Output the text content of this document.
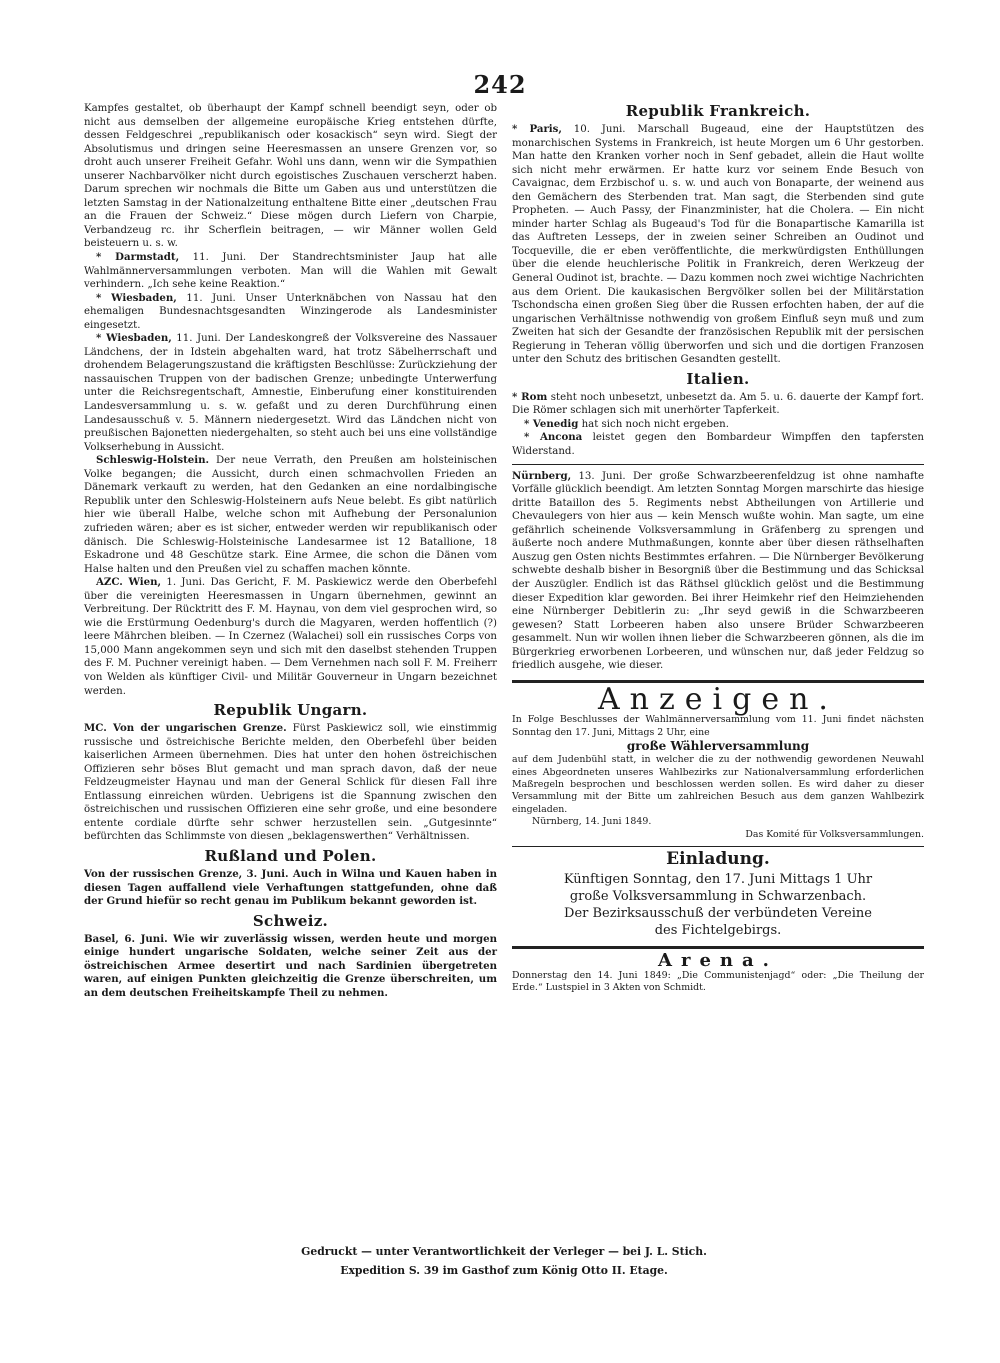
242

Kampfes gestaltet, ob überhaupt der Kampf schnell beendigt seyn, oder ob nicht aus demselben der allgemeine europäische Krieg entstehen dürfte, dessen Feldgeschrei „republikanisch oder kosackisch“ seyn wird. Siegt der Absolutismus und dringen seine Heeresmassen an unsere Grenzen vor, so droht auch unserer Freiheit Gefahr. Wohl uns dann, wenn wir die Sympathien unserer Nachbarvölker nicht durch egoistisches Zuschauen verscherzt haben. Darum sprechen wir nochmals die Bitte um Gaben aus und unterstützen die letzten Samstag in der Nationalzeitung enthaltene Bitte einer „deutschen Frau an die Frauen der Schweiz.“ Diese mögen durch Liefern von Charpie, Verbandzeug rc. ihr Scherflein beitragen, — wir Männer wollen Geld beisteuern u. s. w.

* Darmstadt, 11. Juni. Der Standrechtsminister Jaup hat alle Wahlmännerversammlungen verboten. Man will die Wahlen mit Gewalt verhindern. „Ich sehe keine Reaktion.“

* Wiesbaden, 11. Juni. Unser Unterknäbchen von Nassau hat den ehemaligen Bundesnachtsgesandten Winzingerode als Landesminister eingesetzt.

* Wiesbaden, 11. Juni. Der Landeskongreß der Volksvereine des Nassauer Ländchens, der in Idstein abgehalten ward, hat trotz Säbelherrschaft und drohendem Belagerungszustand die kräftigsten Beschlüsse: Zurückziehung der nassauischen Truppen von der badischen Grenze; unbedingte Unterwerfung unter die Reichsregentschaft, Amnestie, Einberufung einer konstituirenden Landesversammlung u. s. w. gefaßt und zu deren Durchführung einen Landesausschuß v. 5. Männern niedergesetzt. Wird das Ländchen nicht von preußischen Bajonetten niedergehalten, so steht auch bei uns eine vollständige Volkserhebung in Aussicht.

Schleswig-Holstein. Der neue Verrath, den Preußen am holsteinischen Volke begangen; die Aussicht, durch einen schmachvollen Frieden an Dänemark verkauft zu werden, hat den Gedanken an eine nordalbingische Republik unter den Schleswig-Holsteinern aufs Neue belebt. Es gibt natürlich hier wie überall Halbe, welche schon mit Aufhebung der Personalunion zufrieden wären; aber es ist sicher, entweder werden wir republikanisch oder dänisch. Die Schleswig-Holsteinische Landesarmee ist 12 Batallione, 18 Eskadrone und 48 Geschütze stark. Eine Armee, die schon die Dänen vom Halse halten und den Preußen viel zu schaffen machen könnte.

AZC. Wien, 1. Juni. Das Gericht, F. M. Paskiewicz werde den Oberbefehl über die vereinigten Heeresmassen in Ungarn übernehmen, gewinnt an Verbreitung. Der Rücktritt des F. M. Haynau, von dem viel gesprochen wird, so wie die Erstürmung Oedenburg's durch die Magyaren, werden hoffentlich (?) leere Mährchen bleiben. — In Czernez (Walachei) soll ein russisches Corps von 15,000 Mann angekommen seyn und sich mit den daselbst stehenden Truppen des F. M. Puchner vereinigt haben. — Dem Vernehmen nach soll F. M. Freiherr von Welden als künftiger Civil- und Militär Gouverneur in Ungarn bezeichnet werden.

Republik Ungarn.

MC. Von der ungarischen Grenze. Fürst Paskiewicz soll, wie einstimmig russische und östreichische Berichte melden, den Oberbefehl über beiden kaiserlichen Armeen übernehmen. Dies hat unter den hohen östreichischen Offizieren sehr böses Blut gemacht und man sprach davon, daß der neue Feldzeugmeister Haynau und man der General Schlick für diesen Fall ihre Entlassung einreichen würden. Uebrigens ist die Spannung zwischen den östreichischen und russischen Offizieren eine sehr große, und eine besondere entente cordiale dürfte sehr schwer herzustellen sein. „Gutgesinnte“ befürchten das Schlimmste von diesen „beklagenswerthen“ Verhältnissen.

Rußland und Polen.

Von der russischen Grenze, 3. Juni. Auch in Wilna und Kauen haben in diesen Tagen auffallend viele Verhaftungen stattgefunden, ohne daß der Grund hiefür so recht genau im Publikum bekannt geworden ist.

Schweiz.

Basel, 6. Juni. Wie wir zuverlässig wissen, werden heute und morgen einige hundert ungarische Soldaten, welche seiner Zeit aus der östreichischen Armee desertirt und nach Sardinien übergetreten waren, auf einigen Punkten gleichzeitig die Grenze überschreiten, um an dem deutschen Freiheitskampfe Theil zu nehmen.

Republik Frankreich.

* Paris, 10. Juni. Marschall Bugeaud, eine der Hauptstützen des monarchischen Systems in Frankreich, ist heute Morgen um 6 Uhr gestorben. Man hatte den Kranken vorher noch in Senf gebadet, allein die Haut wollte sich nicht mehr erwärmen. Er hatte kurz vor seinem Ende Besuch von Cavaignac, dem Erzbischof u. s. w. und auch von Bonaparte, der weinend aus den Gemächern des Sterbenden trat. Man sagt, die Sterbenden sind gute Propheten. — Auch Passy, der Finanzminister, hat die Cholera. — Ein nicht minder harter Schlag als Bugeaud's Tod für die Bonapartische Kamarilla ist das Auftreten Lesseps, der in zweien seiner Schreiben an Oudinot und Tocqueville, die er eben veröffentlichte, die merkwürdigsten Enthüllungen über die elende heuchlerische Politik in Frankreich, deren Werkzeug der General Oudinot ist, brachte. — Dazu kommen noch zwei wichtige Nachrichten aus dem Orient. Die kaukasischen Bergvölker sollen bei der Militärstation Tschondscha einen großen Sieg über die Russen erfochten haben, der auf die ungarischen Verhältnisse nothwendig von großem Einfluß seyn muß und zum Zweiten hat sich der Gesandte der französischen Republik mit der persischen Regierung in Teheran völlig überworfen und sich und die dortigen Franzosen unter den Schutz des britischen Gesandten gestellt.

Italien.

* Rom steht noch unbesetzt, unbesetzt da. Am 5. u. 6. dauerte der Kampf fort. Die Römer schlagen sich mit unerhörter Tapferkeit.

* Venedig hat sich noch nicht ergeben.

* Ancona leistet gegen den Bombardeur Wimpffen den tapfersten Widerstand.

Nürnberg, 13. Juni. Der große Schwarzbeerenfeldzug ist ohne namhafte Vorfälle glücklich beendigt. Am letzten Sonntag Morgen marschirte das hiesige dritte Bataillon des 5. Regiments nebst Abtheilungen von Artillerie und Chevaulegers von hier aus — kein Mensch wußte wohin. Man sagte, um eine gefährlich scheinende Volksversammlung in Gräfenberg zu sprengen und äußerte noch andere Muthmaßungen, konnte aber über diesen räthselhaften Auszug gen Osten nichts Bestimmtes erfahren. — Die Nürnberger Bevölkerung schwebte deshalb bisher in Besorgniß über die Bestimmung und das Schicksal der Auszügler. Endlich ist das Räthsel glücklich gelöst und die Bestimmung dieser Expedition klar geworden. Bei ihrer Heimkehr rief den Heimziehenden eine Nürnberger Debitlerin zu: „Ihr seyd gewiß in die Schwarzbeeren gewesen? Statt Lorbeeren haben also unsere Brüder Schwarzbeeren gesammelt. Nun wir wollen ihnen lieber die Schwarzbeeren gönnen, als die im Bürgerkrieg erworbenen Lorbeeren, und wünschen nur, daß jeder Feldzug so friedlich ausgehe, wie dieser.

Anzeigen.

In Folge Beschlusses der Wahlmännerversammlung vom 11. Juni findet nächsten Sonntag den 17. Juni, Mittags 2 Uhr, eine

große Wählerversammlung

auf dem Judenbühl statt, in welcher die zu der nothwendig gewordenen Neuwahl eines Abgeordneten unseres Wahlbezirks zur Nationalversammlung erforderlichen Maßregeln besprochen und beschlossen werden sollen. Es wird daher zu dieser Versammlung mit der Bitte um zahlreichen Besuch aus dem ganzen Wahlbezirk eingeladen.

Nürnberg, 14. Juni 1849.

Das Komité für Volksversammlungen.

Einladung.
Künftigen Sonntag, den 17. Juni Mittags 1 Uhr
große Volksversammlung in Schwarzenbach.
Der Bezirksausschuß der verbündeten Vereine
des Fichtelgebirgs.
Arena.

Donnerstag den 14. Juni 1849: „Die Communistenjagd“ oder: „Die Theilung der Erde.“ Lustspiel in 3 Akten von Schmidt.

Gedruckt — unter Verantwortlichkeit der Verleger — bei J. L. Stich.
Expedition S. 39 im Gasthof zum König Otto II. Etage.
